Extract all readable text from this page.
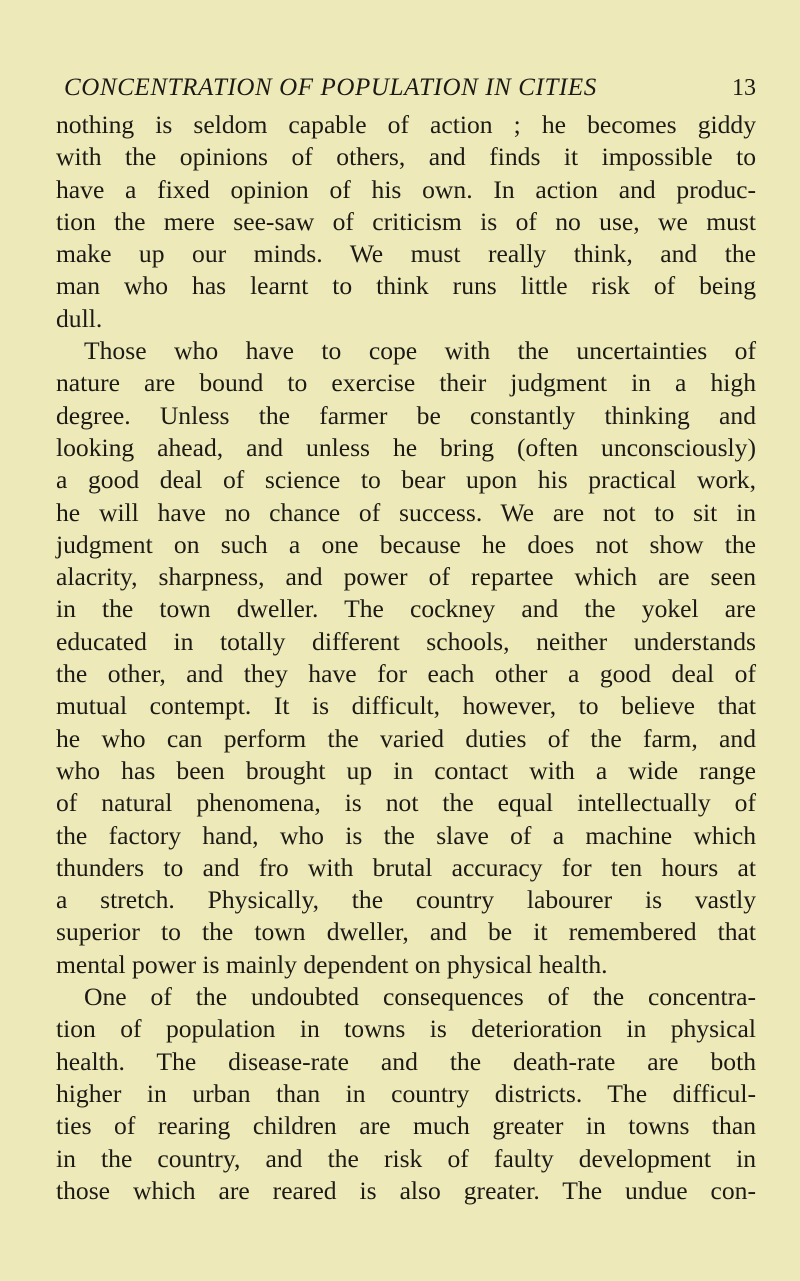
CONCENTRATION OF POPULATION IN CITIES	13
nothing is seldom capable of action ; he becomes giddy
with the opinions of others, and finds it impossible to
have a fixed opinion of his own. In action and produc-
tion the mere see-saw of criticism is of no use, we must
make up our minds. We must really think, and the
man who has learnt to think runs little risk of being
dull.
Those who have to cope with the uncertainties of
nature are bound to exercise their judgment in a high
degree. Unless the farmer be constantly thinking and
looking ahead, and unless he bring (often unconsciously)
a good deal of science to bear upon his practical work,
he will have no chance of success. We are not to sit in
judgment on such a one because he does not show the
alacrity, sharpness, and power of repartee which are seen
in the town dweller. The cockney and the yokel are
educated in totally different schools, neither understands
the other, and they have for each other a good deal of
mutual contempt. It is difficult, however, to believe that
he who can perform the varied duties of the farm, and
who has been brought up in contact with a wide range
of natural phenomena, is not the equal intellectually of
the factory hand, who is the slave of a machine which
thunders to and fro with brutal accuracy for ten hours at
a stretch. Physically, the country labourer is vastly
superior to the town dweller, and be it remembered that
mental power is mainly dependent on physical health.
One of the undoubted consequences of the concentra-
tion of population in towns is deterioration in physical
health. The disease-rate and the death-rate are both
higher in urban than in country districts. The difficul-
ties of rearing children are much greater in towns than
in the country, and the risk of faulty development in
those which are reared is also greater. The undue con-
